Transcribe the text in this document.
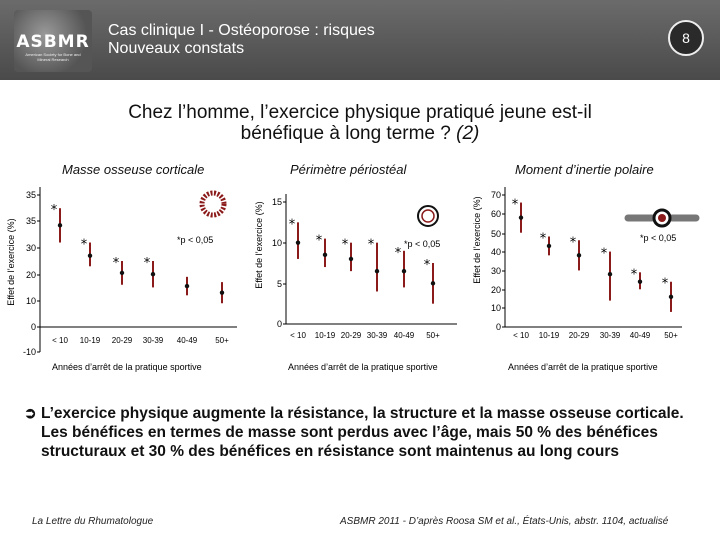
ASBMR
American Society for Bone and Mineral Research
Cas clinique I - Ostéoporose : risques
Nouveaux constats
8
Chez l’homme, l’exercice physique pratiqué jeune est-il
bénéfique à long terme ? (2)
Masse osseuse corticale	Périmètre périostéal	Moment d’inertie polaire
35
35
30
20
10
0
-10
Effet de l’exercice (%)
< 10 10-19 20-29 30-39 40-49 50+
Années d’arrêt de la pratique sportive
*
*
* *
*p < 0,05
15
10
5
0
Effet de l’exercice (%)
< 10 10-19 20-29 30-39 40-49 50+
Années d’arrêt de la pratique sportive
*
* * *
*
*
*p < 0,05
70
60
50
40
30
20
10
0
Effet de l’exercice (%)
< 10 10-19 20-29 30-39 40-49 50+
Années d’arrêt de la pratique sportive
*
* *
*
*
*
*p < 0,05
➲ L’exercice physique augmente la résistance, la structure et la masse osseuse corticale. Les bénéfices en termes de masse sont perdus avec l’âge, mais 50 % des bénéfices structuraux et 30 % des bénéfices en résistance sont maintenus au long cours
La Lettre du Rhumatologue	ASBMR 2011 - D’après Roosa SM et al., États-Unis, abstr. 1104, actualisé
